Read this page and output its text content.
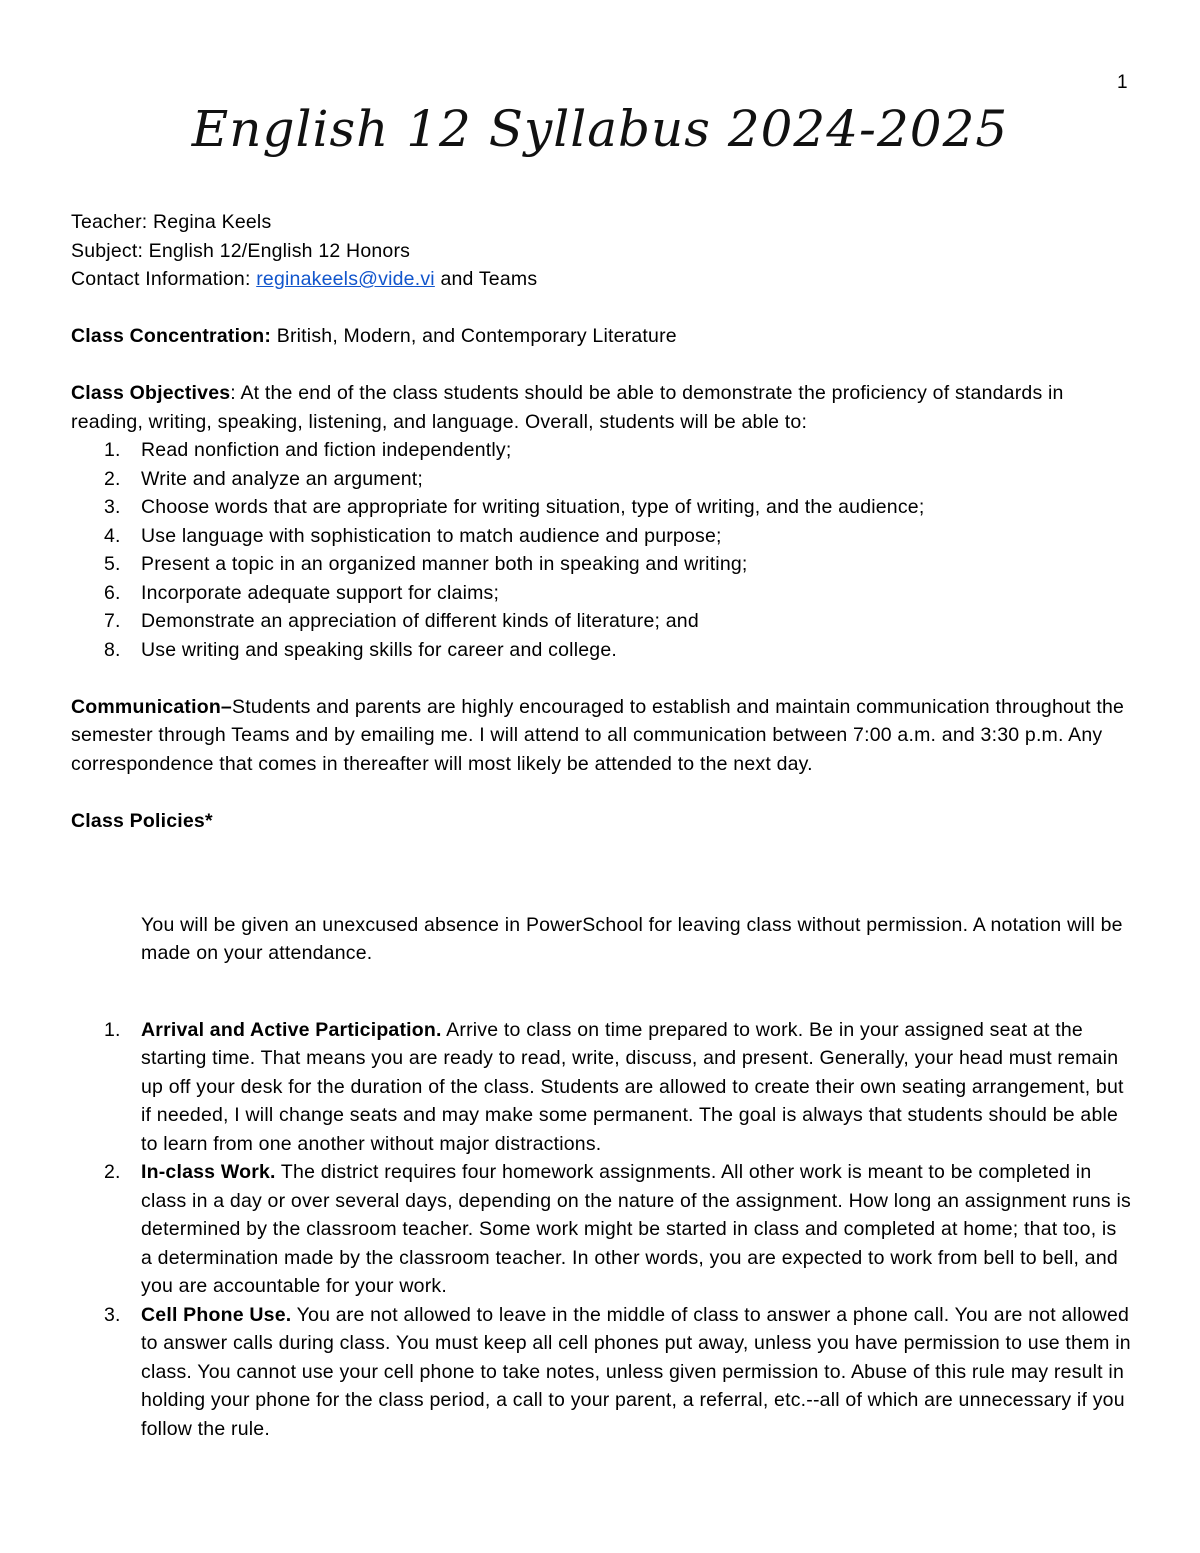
1
English 12 Syllabus 2024-2025

Teacher: Regina Keels

Subject: English 12/English 12 Honors

Contact Information: reginakeels@vide.vi and Teams

Class Concentration: British, Modern, and Contemporary Literature

Class Objectives: At the end of the class students should be able to demonstrate the proficiency of standards in reading, writing, speaking, listening, and language. Overall, students will be able to:

1. Read nonfiction and fiction independently;
2. Write and analyze an argument;
3. Choose words that are appropriate for writing situation, type of writing, and the audience;
4. Use language with sophistication to match audience and purpose;
5. Present a topic in an organized manner both in speaking and writing;
6. Incorporate adequate support for claims;
7. Demonstrate an appreciation of different kinds of literature; and
8. Use writing and speaking skills for career and college.

Communication–Students and parents are highly encouraged to establish and maintain communication throughout the semester through Teams and by emailing me. I will attend to all communication between 7:00 a.m. and 3:30 p.m. Any correspondence that comes in thereafter will most likely be attended to the next day.

Class Policies*

You will be given an unexcused absence in PowerSchool for leaving class without permission. A notation will be made on your attendance.

1. Arrival and Active Participation. Arrive to class on time prepared to work. Be in your assigned seat at the starting time. That means you are ready to read, write, discuss, and present. Generally, your head must remain up off your desk for the duration of the class. Students are allowed to create their own seating arrangement, but if needed, I will change seats and may make some permanent. The goal is always that students should be able to learn from one another without major distractions.
2. In-class Work. The district requires four homework assignments. All other work is meant to be completed in class in a day or over several days, depending on the nature of the assignment. How long an assignment runs is determined by the classroom teacher. Some work might be started in class and completed at home; that too, is a determination made by the classroom teacher. In other words, you are expected to work from bell to bell, and you are accountable for your work.
3. Cell Phone Use. You are not allowed to leave in the middle of class to answer a phone call. You are not allowed to answer calls during class. You must keep all cell phones put away, unless you have permission to use them in class. You cannot use your cell phone to take notes, unless given permission to. Abuse of this rule may result in holding your phone for the class period, a call to your parent, a referral, etc.--all of which are unnecessary if you follow the rule.
